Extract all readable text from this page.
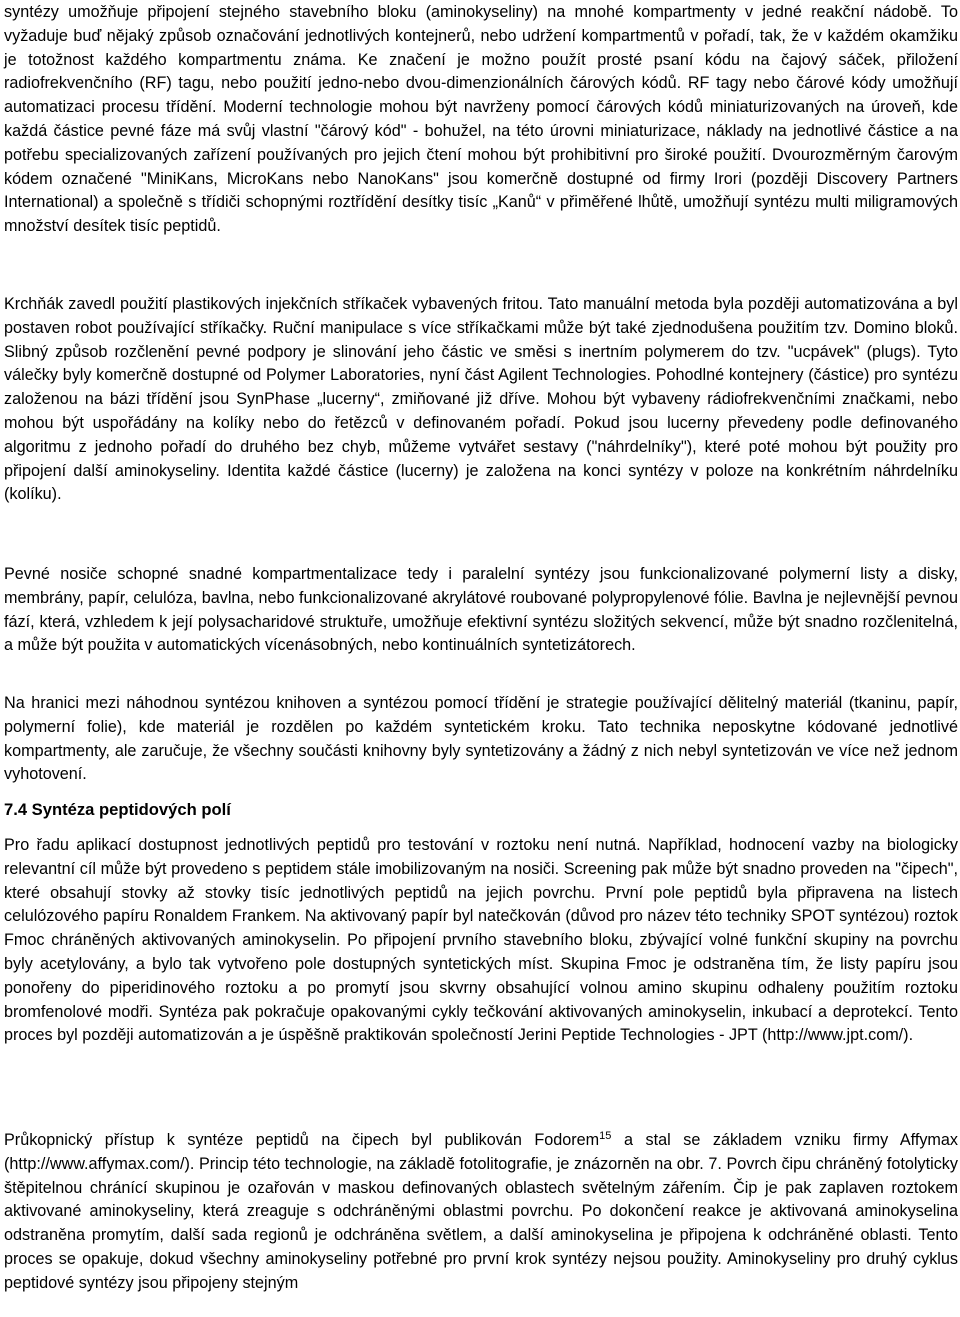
syntézy umožňuje připojení stejného stavebního bloku (aminokyseliny) na mnohé kompartmenty v jedné reakční nádobě. To vyžaduje buď nějaký způsob označování jednotlivých kontejnerů, nebo udržení kompartmentů v pořadí, tak, že v každém okamžiku je totožnost každého kompartmentu známa. Ke značení je možno použít prosté psaní kódu na čajový sáček, přiložení radiofrekvenčního (RF) tagu, nebo použití jedno-nebo dvou-dimenzionálních čárových kódů. RF tagy nebo čárové kódy umožňují automatizaci procesu třídění. Moderní technologie mohou být navrženy pomocí čárových kódů miniaturizovaných na úroveň, kde každá částice pevné fáze má svůj vlastní "čárový kód" - bohužel, na této úrovni miniaturizace, náklady na jednotlivé částice a na potřebu specializovaných zařízení používaných pro jejich čtení mohou být prohibitivní pro široké použití. Dvourozměrným čarovým kódem označené "MiniKans, MicroKans nebo NanoKans" jsou komerčně dostupné od firmy Irori (později Discovery Partners International) a společně s třídiči schopnými roztřídění desítky tisíc „Kanů“ v přiměřené lhůtě, umožňují syntézu multi miligramových množství desítek tisíc peptidů.

Krchňák zavedl použití plastikových injekčních stříkaček vybavených fritou. Tato manuální metoda byla později automatizována a byl postaven robot používající stříkačky. Ruční manipulace s více stříkačkami může být také zjednodušena použitím tzv. Domino bloků. Slibný způsob rozčlenění pevné podpory je slinování jeho částic ve směsi s inertním polymerem do tzv. "ucpávek" (plugs). Tyto válečky byly komerčně dostupné od Polymer Laboratories, nyní část Agilent Technologies. Pohodlné kontejnery (částice) pro syntézu založenou na bázi třídění jsou SynPhase „lucerny“, zmiňované již dříve. Mohou být vybaveny rádiofrekvenčními značkami, nebo mohou být uspořádány na kolíky nebo do řetězců v definovaném pořadí. Pokud jsou lucerny převedeny podle definovaného algoritmu z jednoho pořadí do druhého bez chyb, můžeme vytvářet sestavy ("náhrdelníky"), které poté mohou být použity pro připojení další aminokyseliny. Identita každé částice (lucerny) je založena na konci syntézy v poloze na konkrétním náhrdelníku (kolíku).

Pevné nosiče schopné snadné kompartmentalizace tedy i paralelní syntézy jsou funkcionalizované polymerní listy a disky, membrány, papír, celulóza, bavlna, nebo funkcionalizované akrylátové roubované polypropylenové fólie. Bavlna je nejlevnější pevnou fází, která, vzhledem k její polysacharidové struktuře, umožňuje efektivní syntézu složitých sekvencí, může být snadno rozčlenitelná, a může být použita v automatických vícenásobných, nebo kontinuálních syntetizátorech.

Na hranici mezi náhodnou syntézou knihoven a syntézou pomocí třídění je strategie používající dělitelný materiál (tkaninu, papír, polymerní folie), kde materiál je rozdělen po každém syntetickém kroku. Tato technika neposkytne kódované jednotlivé kompartmenty, ale zaručuje, že všechny součásti knihovny byly syntetizovány a žádný z nich nebyl syntetizován ve více než jednom vyhotovení.

7.4 Syntéza peptidových polí

Pro řadu aplikací dostupnost jednotlivých peptidů pro testování v roztoku není nutná. Například, hodnocení vazby na biologicky relevantní cíl může být provedeno s peptidem stále imobilizovaným na nosiči. Screening pak může být snadno proveden na "čipech", které obsahují stovky až stovky tisíc jednotlivých peptidů na jejich povrchu. První pole peptidů byla připravena na listech celulózového papíru Ronaldem Frankem. Na aktivovaný papír byl natečkován (důvod pro název této techniky SPOT syntézou) roztok Fmoc chráněných aktivovaných aminokyselin. Po připojení prvního stavebního bloku, zbývající volné funkční skupiny na povrchu byly acetylovány, a bylo tak vytvořeno pole dostupných syntetických míst. Skupina Fmoc je odstraněna tím, že listy papíru jsou ponořeny do piperidinového roztoku a po promytí jsou skvrny obsahující volnou amino skupinu odhaleny použitím roztoku bromfenolové modři. Syntéza pak pokračuje opakovanými cykly tečkování aktivovaných aminokyselin, inkubací a deprotekcí. Tento proces byl později automatizován a je úspěšně praktikován společností Jerini Peptide Technologies - JPT (http://www.jpt.com/).

Průkopnický přístup k syntéze peptidů na čipech byl publikován Fodorem$^{15}$ a stal se základem vzniku firmy Affymax (http://www.affymax.com/). Princip této technologie, na základě fotolitografie, je znázorněn na obr. 7. Povrch čipu chráněný fotolyticky štěpitelnou chránící skupinou je ozařován v maskou definovaných oblastech světelným zářením. Čip je pak zaplaven roztokem aktivované aminokyseliny, která zreaguje s odchráněnými oblastmi povrchu. Po dokončení reakce je aktivovaná aminokyselina odstraněna promytím, další sada regionů je odchráněna světlem, a další aminokyselina je připojena k odchráněné oblasti. Tento proces se opakuje, dokud všechny aminokyseliny potřebné pro první krok syntézy nejsou použity. Aminokyseliny pro druhý cyklus peptidové syntézy jsou připojeny stejným
